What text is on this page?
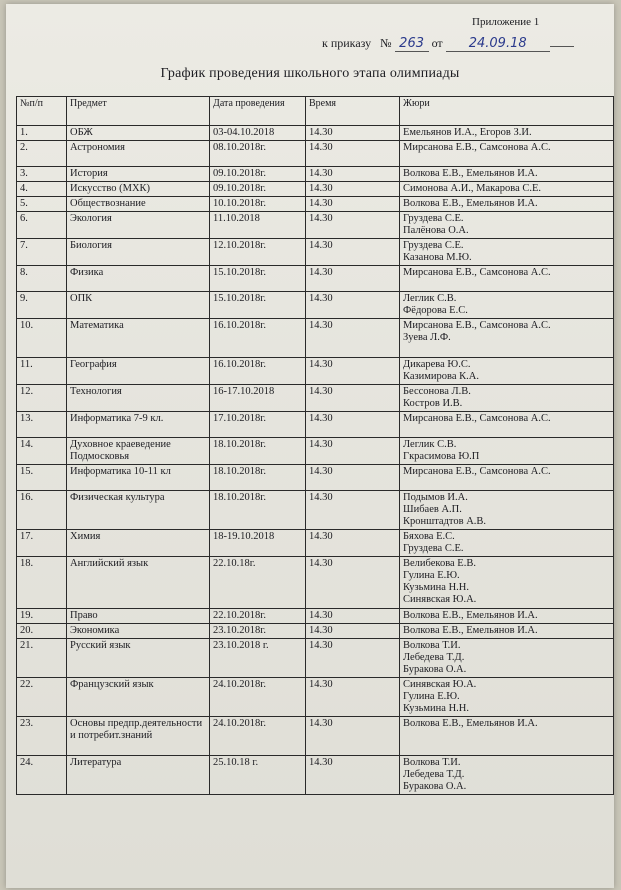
Приложение 1
к приказу № 263 от 24.09.18
График проведения школьного этапа олимпиады
№п/п	Предмет	Дата проведения	Время	Жюри
1.	ОБЖ	03-04.10.2018	14.30	Емельянов И.А., Егоров З.И.

2.	Астрономия	08.10.2018г.	14.30	Мирсанова Е.В., Самсонова А.С.

3.	История	09.10.2018г.	14.30	Волкова Е.В., Емельянов И.А.

4.	Искусство (МХК)	09.10.2018г.	14.30	Симонова А.И., Макарова С.Е.

5.	Обществознание	10.10.2018г.	14.30	Волкова Е.В., Емельянов И.А.

6.	Экология	11.10.2018	14.30	Груздева С.Е.
Палёнова О.А.

7.	Биология	12.10.2018г.	14.30	Груздева С.Е.
Казанова М.Ю.

8.	Физика	15.10.2018г.	14.30	Мирсанова Е.В., Самсонова А.С.

9.	ОПК	15.10.2018г.	14.30	Леглик С.В.
Фёдорова Е.С.

10.	Математика	16.10.2018г.	14.30	Мирсанова Е.В., Самсонова А.С.
Зуева Л.Ф.

11.	География	16.10.2018г.	14.30	Дикарева Ю.С.
Казимирова К.А.

12.	Технология	16-17.10.2018	14.30	Бессонова Л.В.
Костров И.В.

13.	Информатика 7-9 кл.	17.10.2018г.	14.30	Мирсанова Е.В., Самсонова А.С.

14.	Духовное краеведение Подмосковья	18.10.2018г.	14.30	Леглик С.В.
Гкрасимова Ю.П

15.	Информатика 10-11 кл	18.10.2018г.	14.30	Мирсанова Е.В., Самсонова А.С.

16.	Физическая культура	18.10.2018г.	14.30	Подымов И.А.
Шибаев А.П.
Кронштадтов А.В.

17.	Химия	18-19.10.2018	14.30	Бяхова Е.С.
Груздева С.Е.

18.	Английский язык	22.10.18г.	14.30	Велибекова Е.В.
Гулина Е.Ю.
Кузьмина Н.Н.
Синявская Ю.А.

19.	Право	22.10.2018г.	14.30	Волкова Е.В., Емельянов И.А.

20.	Экономика	23.10.2018г.	14.30	Волкова Е.В., Емельянов И.А.

21.	Русский язык	23.10.2018 г.	14.30	Волкова Т.И.
Лебедева Т.Д.
Буракова О.А.

22.	Французский язык	24.10.2018г.	14.30	Синявская Ю.А.
Гулина Е.Ю.
Кузьмина Н.Н.

23.	Основы предпр.деятельности и потребит.знаний	24.10.2018г.	14.30	Волкова Е.В., Емельянов И.А.

24.	Литература	25.10.18 г.	14.30	Волкова Т.И.
Лебедева Т.Д.
Буракова О.А.
